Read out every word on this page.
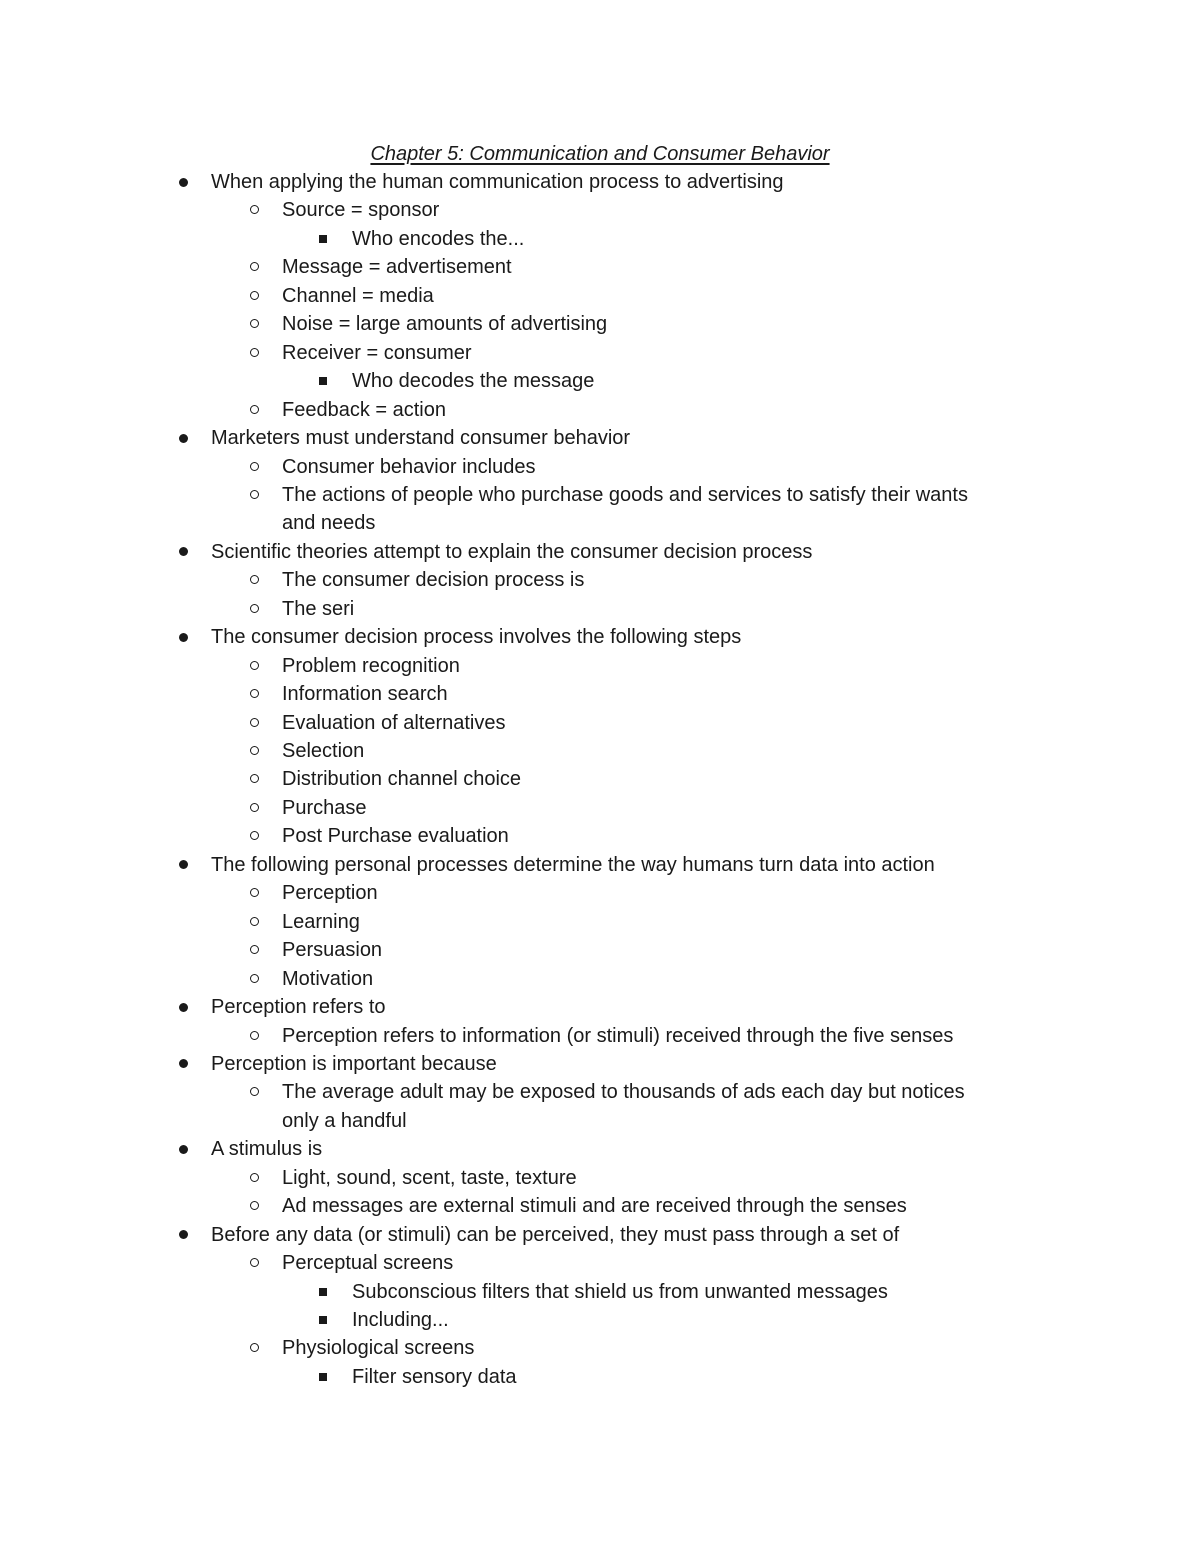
Chapter 5: Communication and Consumer Behavior
When applying the human communication process to advertising
Source = sponsor
Who encodes the...
Message = advertisement
Channel = media
Noise = large amounts of advertising
Receiver = consumer
Who decodes the message
Feedback = action
Marketers must understand consumer behavior
Consumer behavior includes
The actions of people who purchase goods and services to satisfy their wants
and needs
Scientific theories attempt to explain the consumer decision process
The consumer decision process is
The seri
The consumer decision process involves the following steps
Problem recognition
Information search
Evaluation of alternatives
Selection
Distribution channel choice
Purchase
Post Purchase evaluation
The following personal processes determine the way humans turn data into action
Perception
Learning
Persuasion
Motivation
Perception refers to
Perception refers to information (or stimuli) received through the five senses
Perception is important because
The average adult may be exposed to thousands of ads each day but notices
only a handful
A stimulus is
Light, sound, scent, taste, texture
Ad messages are external stimuli and are received through the senses
Before any data (or stimuli) can be perceived, they must pass through a set of
Perceptual screens
Subconscious filters that shield us from unwanted messages
Including...
Physiological screens
Filter sensory data
